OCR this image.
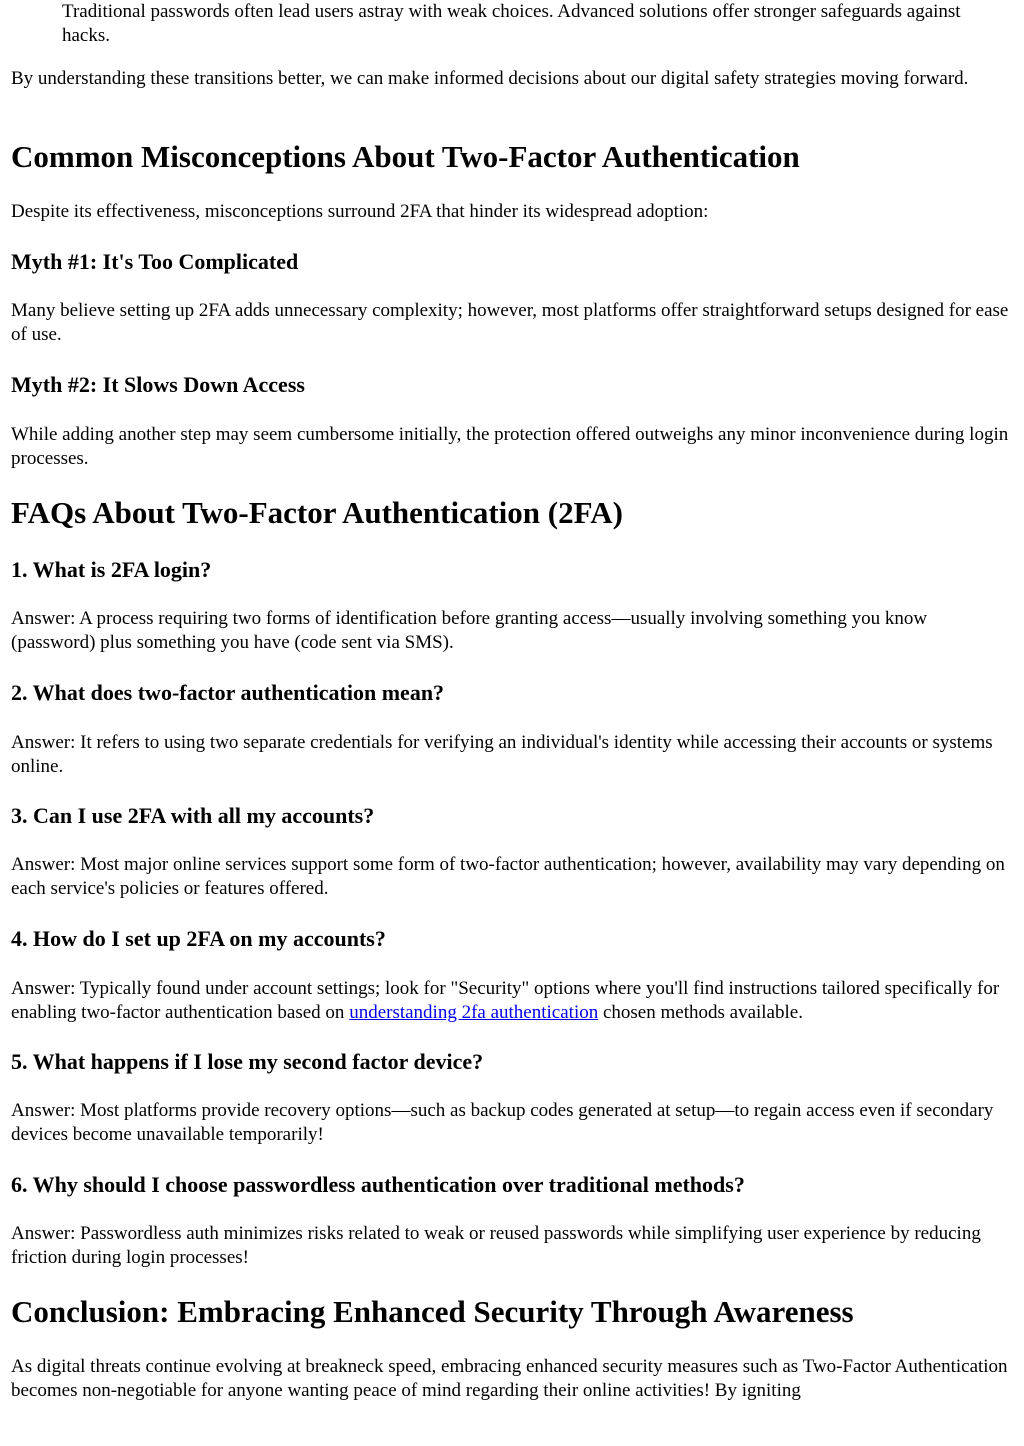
Traditional passwords often lead users astray with weak choices. Advanced solutions offer stronger safeguards against hacks.

By understanding these transitions better, we can make informed decisions about our digital safety strategies moving forward.

Common Misconceptions About Two-Factor Authentication

Despite its effectiveness, misconceptions surround 2FA that hinder its widespread adoption:

Myth #1: It's Too Complicated

Many believe setting up 2FA adds unnecessary complexity; however, most platforms offer straightforward setups designed for ease of use.

Myth #2: It Slows Down Access

While adding another step may seem cumbersome initially, the protection offered outweighs any minor inconvenience during login processes.

FAQs About Two-Factor Authentication (2FA)
1. What is 2FA login?

Answer: A process requiring two forms of identification before granting access—usually involving something you know (password) plus something you have (code sent via SMS).

2. What does two-factor authentication mean?

Answer: It refers to using two separate credentials for verifying an individual's identity while accessing their accounts or systems online.

3. Can I use 2FA with all my accounts?

Answer: Most major online services support some form of two-factor authentication; however, availability may vary depending on each service's policies or features offered.

4. How do I set up 2FA on my accounts?

Answer: Typically found under account settings; look for "Security" options where you'll find instructions tailored specifically for enabling two-factor authentication based on understanding 2fa authentication chosen methods available.

5. What happens if I lose my second factor device?

Answer: Most platforms provide recovery options—such as backup codes generated at setup—to regain access even if secondary devices become unavailable temporarily!

6. Why should I choose passwordless authentication over traditional methods?

Answer: Passwordless auth minimizes risks related to weak or reused passwords while simplifying user experience by reducing friction during login processes!

Conclusion: Embracing Enhanced Security Through Awareness

As digital threats continue evolving at breakneck speed, embracing enhanced security measures such as Two-Factor Authentication becomes non-negotiable for anyone wanting peace of mind regarding their online activities! By igniting
